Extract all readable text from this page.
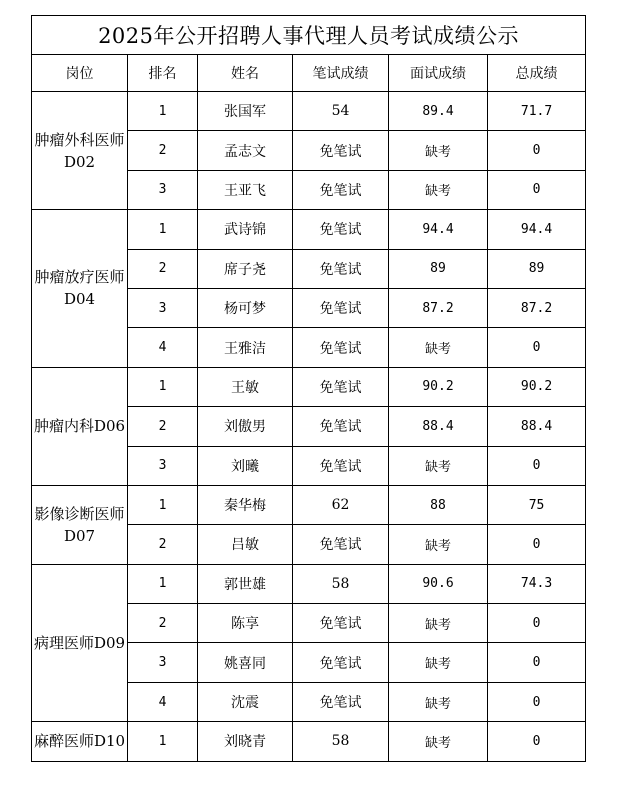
2025年公开招聘人事代理人员考试成绩公示					
岗位	排名	姓名	笔试成绩	面试成绩	总成绩
肿瘤外科医师D02	1	张国军	54	89.4	71.7
	2	孟志文	免笔试	缺考	0
	3	王亚飞	免笔试	缺考	0
肿瘤放疗医师D04	1	武诗锦	免笔试	94.4	94.4
	2	席子尧	免笔试	89	89
	3	杨可梦	免笔试	87.2	87.2
	4	王雅洁	免笔试	缺考	0
肿瘤内科D06	1	王敏	免笔试	90.2	90.2
	2	刘傲男	免笔试	88.4	88.4
	3	刘曦	免笔试	缺考	0
影像诊断医师D07	1	秦华梅	62	88	75
	2	吕敏	免笔试	缺考	0
病理医师D09	1	郭世雄	58	90.6	74.3
	2	陈享	免笔试	缺考	0
	3	姚喜同	免笔试	缺考	0
	4	沈震	免笔试	缺考	0
麻醉医师D10	1	刘晓青	58	缺考	0
